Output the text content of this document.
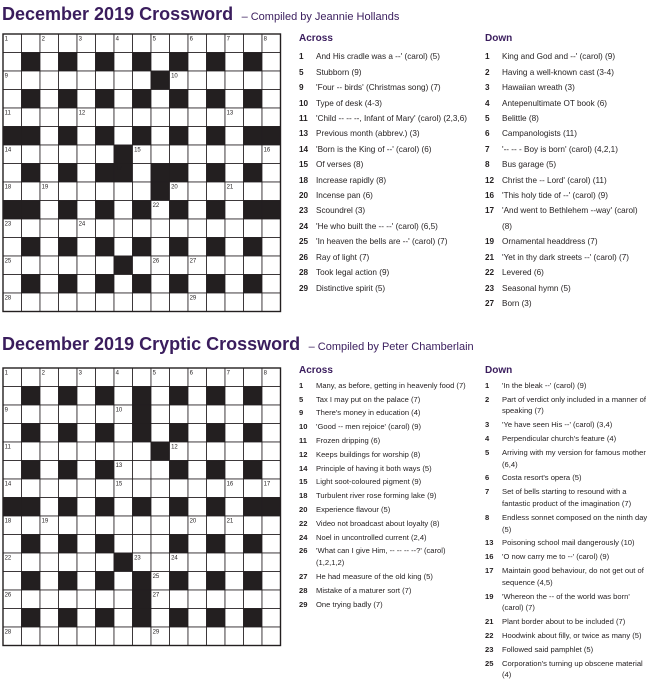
December 2019 Crossword – Compiled by Jeannie Hollands
1	2	3	4	5	6	7	8
9	10
11	12	13
14	15	16
17
18	19	20	21
22
23	24
25	26	27
28	29
Across
1	And His cradle was a --' (carol) (5)
5	Stubborn (9)
9	'Four -- birds' (Christmas song) (7)
10 Type of desk (4-3)
11	'Child -- -- --, Infant of Mary' (carol) (2,3,6)
13 Previous month (abbrev.) (3)
14 'Born is the King of --' (carol) (6)
15 Of verses (8)
18 Increase rapidly (8)
20 Incense pan (6)
23 Scoundrel (3)
24 'He who built the -- --' (carol) (6,5)
25 'In heaven the bells are --' (carol) (7)
26 Ray of light (7)
28 Took legal action (9)
29 Distinctive spirit (5)
Down
1	King and God and --' (carol) (9)
2	Having a well-known cast (3-4)
3	Hawaiian wreath (3)
4	Antepenultimate OT book (6)
5	Belittle (8)
6	Campanologists (11)
7	'-- -- - Boy is born' (carol) (4,2,1)
8	Bus garage (5)
12 Christ the -- Lord' (carol) (11)
16 'This holy tide of --' (carol) (9)
17 'And went to Bethlehem --way' (carol) (8)
19 Ornamental headdress (7)
21 'Yet in thy dark streets --' (carol) (7)
22 Levered (6)
23 Seasonal hymn (5)
27 Born (3)
December 2019 Cryptic Crossword – Compiled by Peter Chamberlain
1	2	3	4	5	6	7	8
9	10
11	12
13
14	15	16	17
18	19	20	21
22	23	24
25
26	27
28	29
Across
1	Many, as before, getting in heavenly food (7)
5	Tax I may put on the palace (7)
9	There's money in education (4)
10	'Good -- men rejoice' (carol) (9)
11	Frozen dripping (6)
12	Keeps buildings for worship (8)
14	Principle of having it both ways (5)
15	Light soot-coloured pigment (9)
18	Turbulent river rose forming lake (9)
20	Experience flavour (5)
22	Video not broadcast about loyalty (8)
24	Noel in uncontrolled current (2,4)
26	'What can I give Him, -- -- -- --?' (carol) (1,2,1,2)
27	He had measure of the old king (5)
28	Mistake of a maturer sort (7)
29	One trying badly (7)
Down
1	'In the bleak --' (carol) (9)
2	Part of verdict only included in a manner of speaking (7)
3	'Ye have seen His --' (carol) (3,4)
4	Perpendicular church's feature (4)
5	Arriving with my version for famous mother (6,4)
6	Costa resort's opera (5)
7	Set of bells starting to resound with a fantastic product of the imagination (7)
8	Endless sonnet composed on the ninth day (5)
13	Poisoning school mail dangerously (10)
16	'O now carry me to --' (carol) (9)
17	Maintain good behaviour, do not get out of sequence (4,5)
19	'Whereon the -- of the world was born' (carol) (7)
21	Plant border about to be included (7)
22	Hoodwink about filly, or twice as many (5)
23	Followed said pamphlet (5)
25	Corporation's turning up obscene material (4)
